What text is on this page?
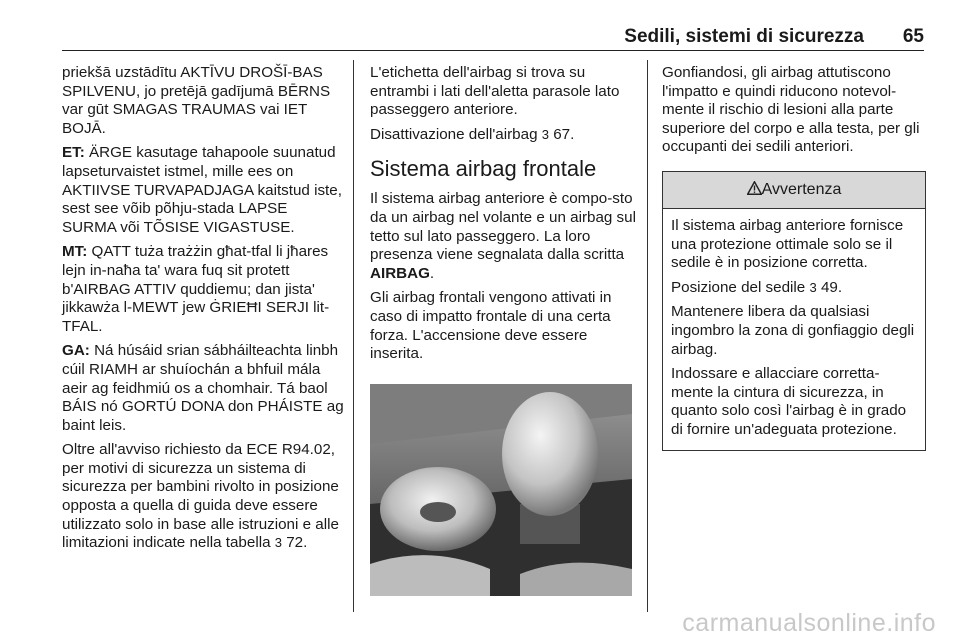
Sedili, sistemi di sicurezza 65

priekšā uzstādītu AKTĪVU DROŠĪ-BAS SPILVENU, jo pretējā gadījumā BĒRNS var gūt SMAGAS TRAUMAS vai IET BOJĀ.

ET: ÄRGE kasutage tahapoole suunatud lapseturvaistet istmel, mille ees on AKTIIVSE TURVAPADJAGA kaitstud iste, sest see võib põhju-stada LAPSE SURMA või TÕSISE VIGASTUSE.

MT: QATT tuża trażżin għat-tfal li jħares lejn in-naħa ta' wara fuq sit protett b'AIRBAG ATTIV quddiemu; dan jista' jikkawża l-MEWT jew ĠRIEĦI SERJI lit-TFAL.

GA: Ná húsáid srian sábháilteachta linbh cúil RIAMH ar shuíochán a bhfuil mála aeir ag feidhmiú os a chomhair. Tá baol BÁIS nó GORTÚ DONA don PHÁISTE ag baint leis.

Oltre all'avviso richiesto da ECE R94.02, per motivi di sicurezza un sistema di sicurezza per bambini rivolto in posizione opposta a quella di guida deve essere utilizzato solo in base alle istruzioni e alle limitazioni indicate nella tabella 3 72.

L'etichetta dell'airbag si trova su entrambi i lati dell'aletta parasole lato passeggero anteriore.

Disattivazione dell'airbag 3 67.

Sistema airbag frontale

Il sistema airbag anteriore è compo-sto da un airbag nel volante e un airbag sul tetto sul lato passeggero. La loro presenza viene segnalata dalla scritta AIRBAG.

Gli airbag frontali vengono attivati in caso di impatto frontale di una certa forza. L'accensione deve essere inserita.

Gonfiandosi, gli airbag attutiscono l'impatto e quindi riducono notevol-mente il rischio di lesioni alla parte superiore del corpo e alla testa, per gli occupanti dei sedili anteriori.

Avvertenza

Il sistema airbag anteriore fornisce una protezione ottimale solo se il sedile è in posizione corretta.

Posizione del sedile 3 49.

Mantenere libera da qualsiasi ingombro la zona di gonfiaggio degli airbag.

Indossare e allacciare corretta-mente la cintura di sicurezza, in quanto solo così l'airbag è in grado di fornire un'adeguata protezione.

carmanualsonline.info
